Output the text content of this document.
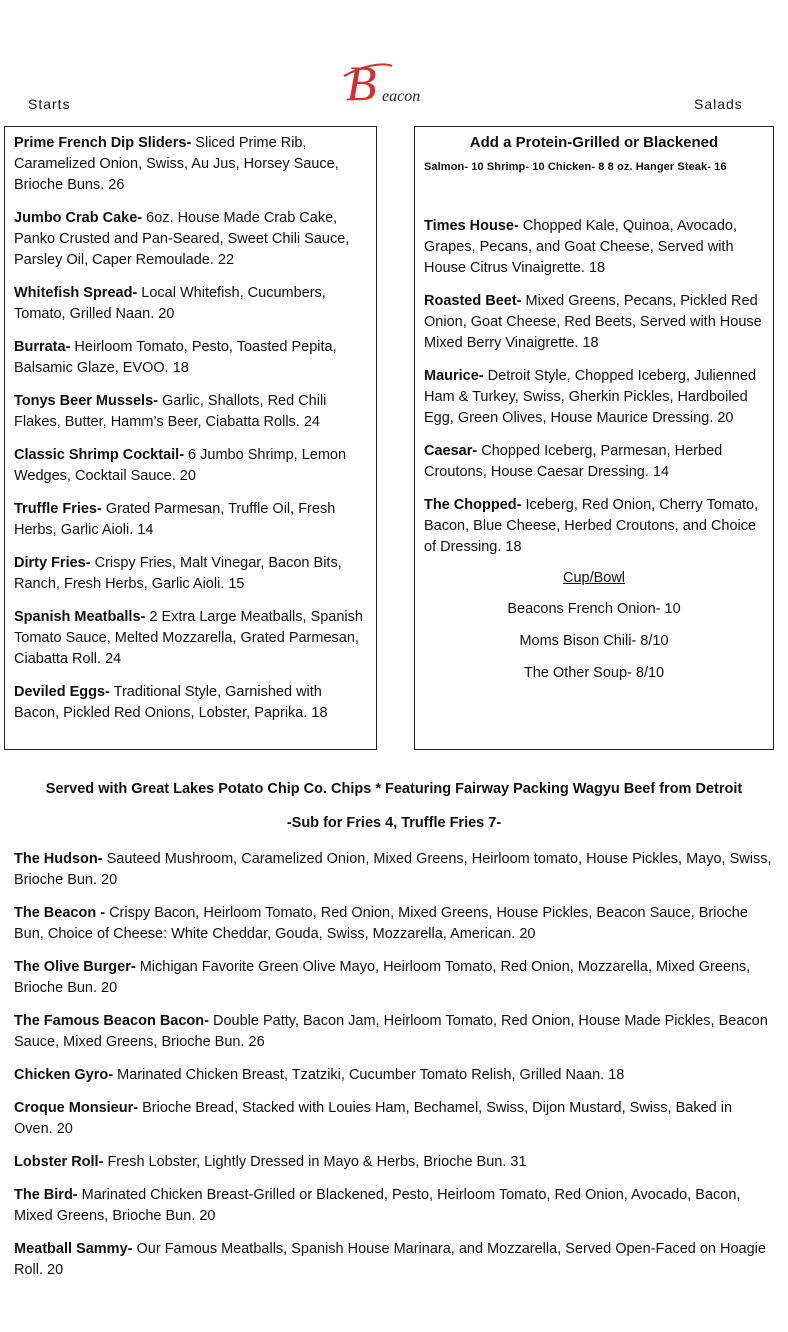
B eacon
Starts	Salads
Prime French Dip Sliders- Sliced Prime Rib, Caramelized Onion, Swiss, Au Jus, Horsey Sauce, Brioche Buns. 26
Jumbo Crab Cake- 6oz. House Made Crab Cake, Panko Crusted and Pan-Seared, Sweet Chili Sauce, Parsley Oil, Caper Remoulade. 22
Whitefish Spread- Local Whitefish, Cucumbers, Tomato, Grilled Naan. 20
Burrata- Heirloom Tomato, Pesto, Toasted Pepita, Balsamic Glaze, EVOO. 18
Tonys Beer Mussels- Garlic, Shallots, Red Chili Flakes, Butter, Hamm’s Beer, Ciabatta Rolls. 24
Classic Shrimp Cocktail- 6 Jumbo Shrimp, Lemon Wedges, Cocktail Sauce. 20
Truffle Fries- Grated Parmesan, Truffle Oil, Fresh Herbs, Garlic Aioli. 14
Dirty Fries- Crispy Fries, Malt Vinegar, Bacon Bits, Ranch, Fresh Herbs, Garlic Aioli. 15
Spanish Meatballs- 2 Extra Large Meatballs, Spanish Tomato Sauce, Melted Mozzarella, Grated Parmesan, Ciabatta Roll. 24
Deviled Eggs- Traditional Style, Garnished with Bacon, Pickled Red Onions, Lobster, Paprika. 18
Add a Protein-Grilled or Blackened
Salmon- 10 Shrimp- 10 Chicken- 8 8 oz. Hanger Steak- 16
Times House- Chopped Kale, Quinoa, Avocado, Grapes, Pecans, and Goat Cheese, Served with House Citrus Vinaigrette. 18
Roasted Beet- Mixed Greens, Pecans, Pickled Red Onion, Goat Cheese, Red Beets, Served with House Mixed Berry Vinaigrette. 18
Maurice- Detroit Style, Chopped Iceberg, Julienned Ham & Turkey, Swiss, Gherkin Pickles, Hardboiled Egg, Green Olives, House Maurice Dressing. 20
Caesar- Chopped Iceberg, Parmesan, Herbed Croutons, House Caesar Dressing. 14
The Chopped- Iceberg, Red Onion, Cherry Tomato, Bacon, Blue Cheese, Herbed Croutons, and Choice of Dressing. 18
Cup/Bowl
Beacons French Onion- 10
Moms Bison Chili- 8/10
The Other Soup- 8/10
Served with Great Lakes Potato Chip Co. Chips * Featuring Fairway Packing Wagyu Beef from Detroit
-Sub for Fries 4, Truffle Fries 7-
The Hudson- Sauteed Mushroom, Caramelized Onion, Mixed Greens, Heirloom tomato, House Pickles, Mayo, Swiss, Brioche Bun. 20
The Beacon - Crispy Bacon, Heirloom Tomato, Red Onion, Mixed Greens, House Pickles, Beacon Sauce, Brioche Bun, Choice of Cheese: White Cheddar, Gouda, Swiss, Mozzarella, American. 20
The Olive Burger- Michigan Favorite Green Olive Mayo, Heirloom Tomato, Red Onion, Mozzarella, Mixed Greens, Brioche Bun. 20
The Famous Beacon Bacon- Double Patty, Bacon Jam, Heirloom Tomato, Red Onion, House Made Pickles, Beacon Sauce, Mixed Greens, Brioche Bun. 26
Chicken Gyro- Marinated Chicken Breast, Tzatziki, Cucumber Tomato Relish, Grilled Naan. 18
Croque Monsieur- Brioche Bread, Stacked with Louies Ham, Bechamel, Swiss, Dijon Mustard, Swiss, Baked in Oven. 20
Lobster Roll- Fresh Lobster, Lightly Dressed in Mayo & Herbs, Brioche Bun. 31
The Bird- Marinated Chicken Breast-Grilled or Blackened, Pesto, Heirloom Tomato, Red Onion, Avocado, Bacon, Mixed Greens, Brioche Bun. 20
Meatball Sammy- Our Famous Meatballs, Spanish House Marinara, and Mozzarella, Served Open-Faced on Hoagie Roll. 20
